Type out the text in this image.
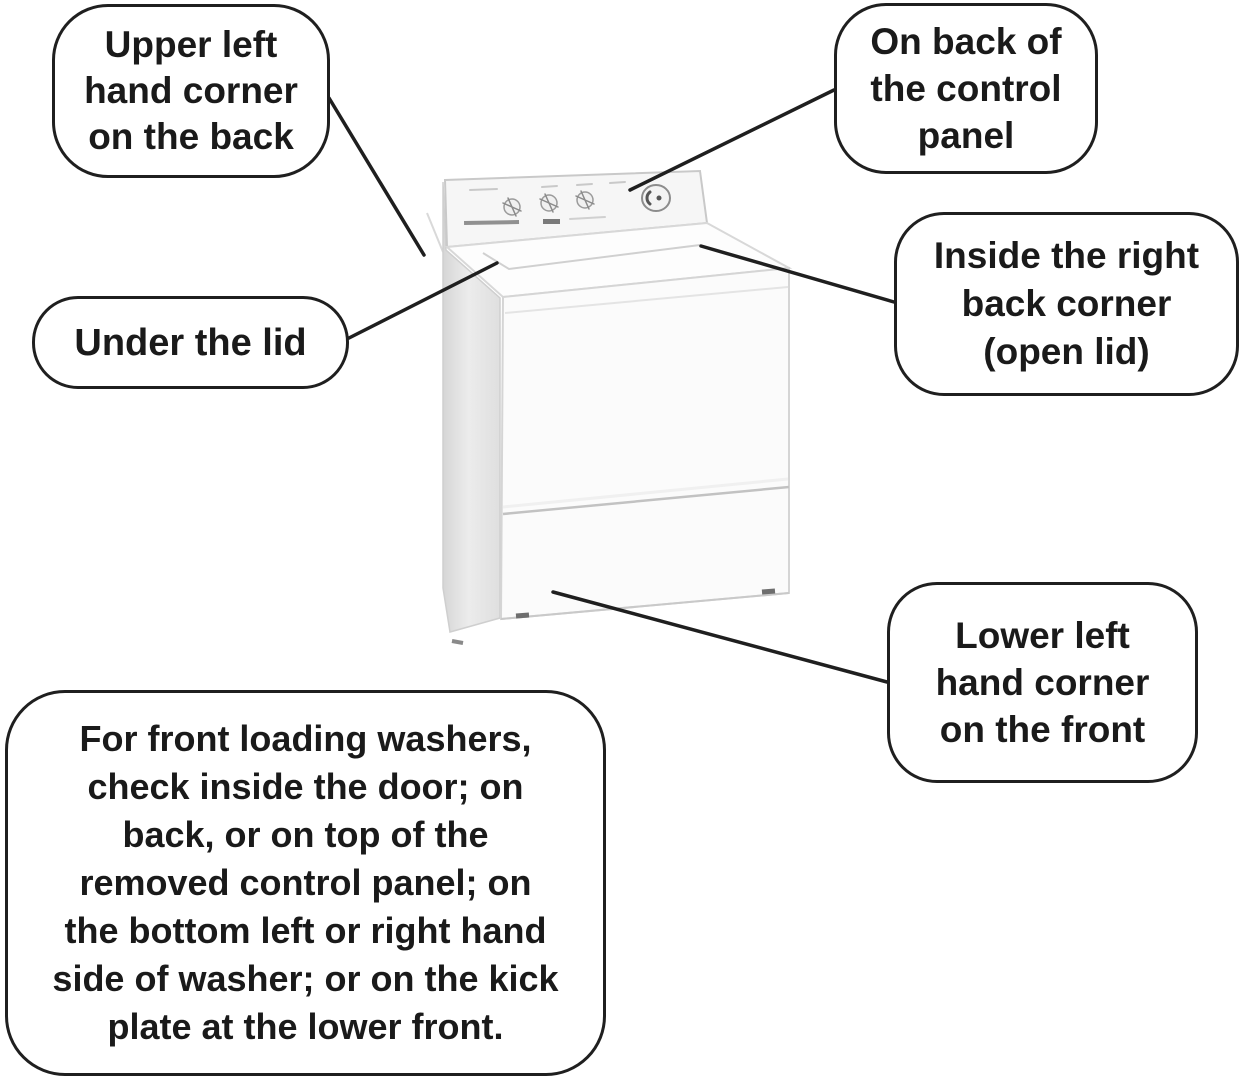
Upper left
hand corner
on the back
On back of
the control
panel
Under the lid
Inside the right
back corner
(open lid)
Lower left
hand corner
on the front
For front loading washers,
check inside the door; on
back, or on top of the
removed control panel; on
the bottom left or right hand
side of washer; or on the kick
plate at the lower front.
